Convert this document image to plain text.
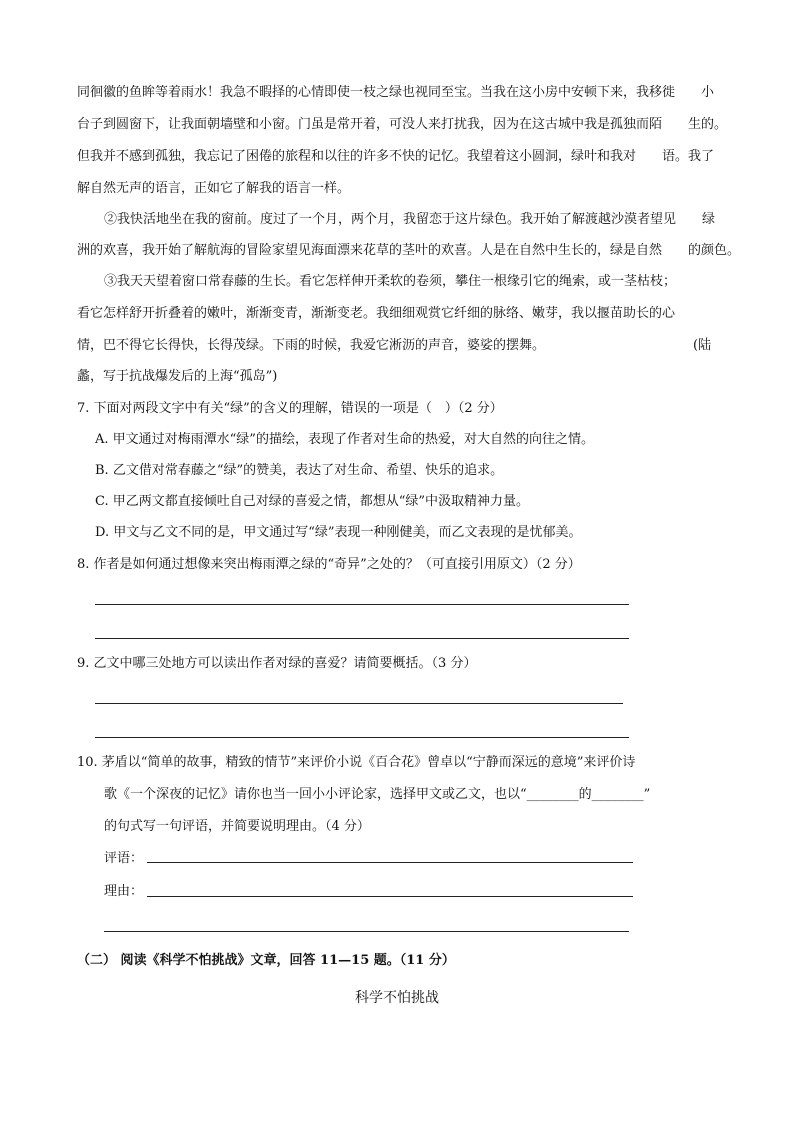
同徊徽的鱼眸等着雨水！我急不暇择的心情即使一枝之绿也视同至宝。当我在这小房中安顿下来，我移徙　　小
台子到圆窗下，让我面朝墙壁和小窗。门虽是常开着，可没人来打扰我，因为在这古城中我是孤独而陌　　生的。
但我并不感到孤独，我忘记了困倦的旅程和以往的许多不快的记忆。我望着这小圆洞，绿叶和我对　　语。我了
解自然无声的语言，正如它了解我的语言一样。
②我快活地坐在我的窗前。度过了一个月，两个月，我留恋于这片绿色。我开始了解渡越沙漠者望见　　绿
洲的欢喜，我开始了解航海的冒险家望见海面漂来花草的茎叶的欢喜。人是在自然中生长的，绿是自然　　的颜色。
③我天天望着窗口常春藤的生长。看它怎样伸开柔软的卷须，攀住一根缘引它的绳索，或一茎枯枝；
看它怎样舒开折叠着的嫩叶，渐渐变青，渐渐变老。我细细观赏它纤细的脉络、嫩芽，我以揠苗助长的心
情，巴不得它长得快，长得茂绿。下雨的时候，我爱它淅沥的声音，婆娑的摆舞。	(陆
蠡，写于抗战爆发后的上海“孤岛”)
7. 下面对两段文字中有关“绿”的含义的理解，错误的一项是（　）（2 分）
A. 甲文通过对梅雨潭水“绿”的描绘，表现了作者对生命的热爱，对大自然的向往之情。
B. 乙文借对常春藤之“绿”的赞美，表达了对生命、希望、快乐的追求。
C. 甲乙两文都直接倾吐自己对绿的喜爱之情，都想从“绿”中汲取精神力量。
D. 甲文与乙文不同的是，甲文通过写“绿”表现一种刚健美，而乙文表现的是忧郁美。
8. 作者是如何通过想像来突出梅雨潭之绿的“奇异”之处的？（可直接引用原文）（2 分）
9. 乙文中哪三处地方可以读出作者对绿的喜爱？请简要概括。（3 分）
10. 茅盾以“简单的故事，精致的情节”来评价小说《百合花》曾卓以“宁静而深远的意境”来评价诗
歌《一个深夜的记忆》请你也当一回小小评论家，选择甲文或乙文，也以“________的________”
的句式写一句评语，并简要说明理由。（4 分）
评语：
理由：
（二） 阅读《科学不怕挑战》文章，回答 11—15 题。（11 分）
科学不怕挑战
